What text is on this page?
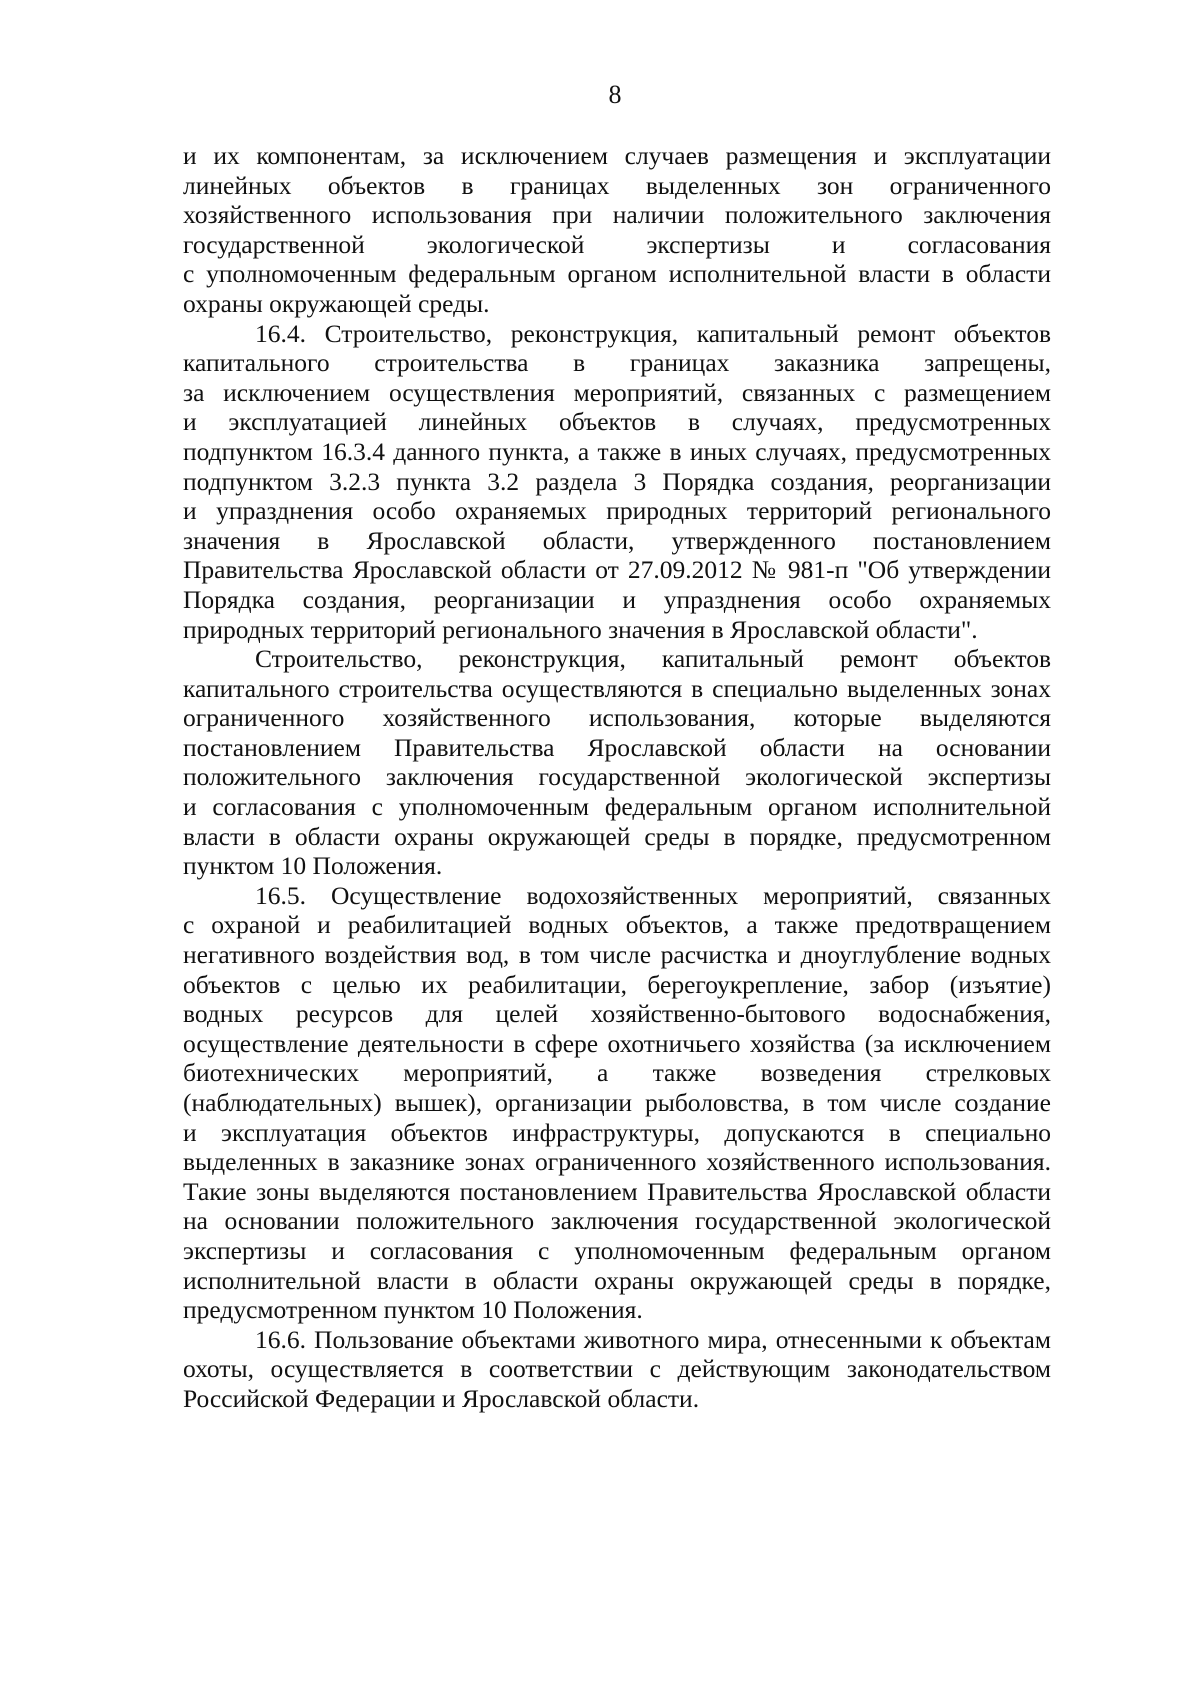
8
и их компонентам, за исключением случаев размещения и эксплуатации
линейных объектов в границах выделенных зон ограниченного
хозяйственного использования при наличии положительного заключения
государственной экологической экспертизы и согласования
с уполномоченным федеральным органом исполнительной власти в области
охраны окружающей среды.
16.4. Строительство, реконструкция, капитальный ремонт объектов
капитального строительства в границах заказника запрещены,
за исключением осуществления мероприятий, связанных с размещением
и эксплуатацией линейных объектов в случаях, предусмотренных
подпунктом 16.3.4 данного пункта, а также в иных случаях, предусмотренных
подпунктом 3.2.3 пункта 3.2 раздела 3 Порядка создания, реорганизации
и упразднения особо охраняемых природных территорий регионального
значения в Ярославской области, утвержденного постановлением
Правительства Ярославской области от 27.09.2012 № 981-п "Об утверждении
Порядка создания, реорганизации и упразднения особо охраняемых
природных территорий регионального значения в Ярославской области".
Строительство, реконструкция, капитальный ремонт объектов
капитального строительства осуществляются в специально выделенных зонах
ограниченного хозяйственного использования, которые выделяются
постановлением Правительства Ярославской области на основании
положительного заключения государственной экологической экспертизы
и согласования с уполномоченным федеральным органом исполнительной
власти в области охраны окружающей среды в порядке, предусмотренном
пунктом 10 Положения.
16.5. Осуществление водохозяйственных мероприятий, связанных
с охраной и реабилитацией водных объектов, а также предотвращением
негативного воздействия вод, в том числе расчистка и дноуглубление водных
объектов с целью их реабилитации, берегоукрепление, забор (изъятие)
водных ресурсов для целей хозяйственно-бытового водоснабжения,
осуществление деятельности в сфере охотничьего хозяйства (за исключением
биотехнических мероприятий, а также возведения стрелковых
(наблюдательных) вышек), организации рыболовства, в том числе создание
и эксплуатация объектов инфраструктуры, допускаются в специально
выделенных в заказнике зонах ограниченного хозяйственного использования.
Такие зоны выделяются постановлением Правительства Ярославской области
на основании положительного заключения государственной экологической
экспертизы и согласования с уполномоченным федеральным органом
исполнительной власти в области охраны окружающей среды в порядке,
предусмотренном пунктом 10 Положения.
16.6. Пользование объектами животного мира, отнесенными к объектам
охоты, осуществляется в соответствии с действующим законодательством
Российской Федерации и Ярославской области.
